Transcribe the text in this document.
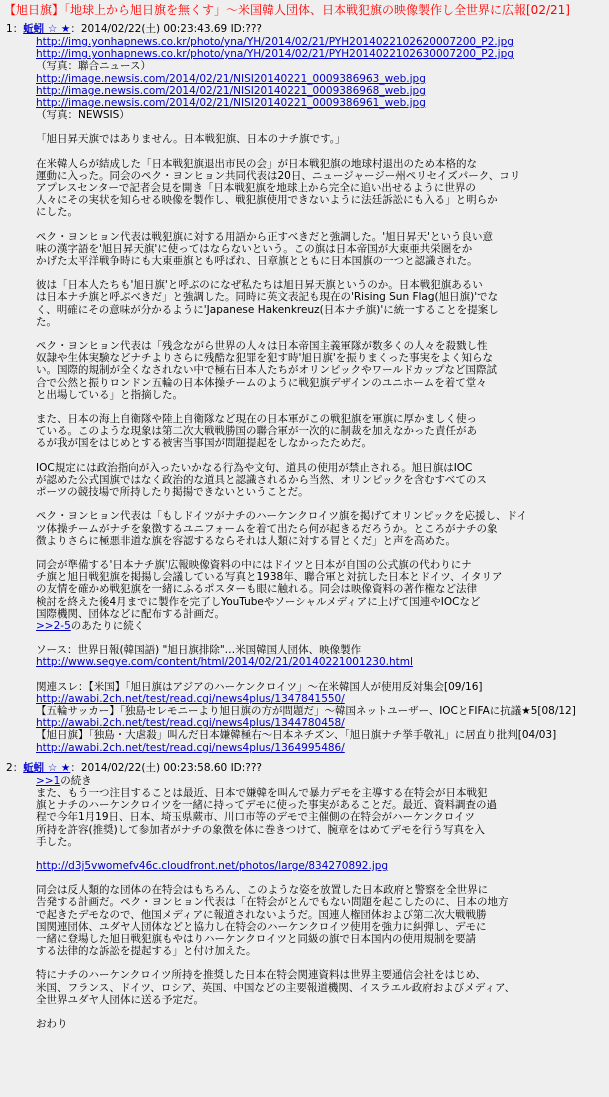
【旭日旗】「地球上から旭日旗を無くす」〜米国韓人団体、日本戦犯旗の映像製作し全世界に広報[02/21]
1：蚯蚓 ☆ ★：2014/02/22(土) 00:23:43.69 ID:???
http://img.yonhapnews.co.kr/photo/yna/YH/2014/02/21/PYH2014022102620007200_P2.jpg
http://img.yonhapnews.co.kr/photo/yna/YH/2014/02/21/PYH2014022102630007200_P2.jpg
（写真：聯合ニュース）
http://image.newsis.com/2014/02/21/NISI20140221_0009386963_web.jpg
http://image.newsis.com/2014/02/21/NISI20140221_0009386968_web.jpg
http://image.newsis.com/2014/02/21/NISI20140221_0009386961_web.jpg
（写真：NEWSIS）
「旭日昇天旗ではありません。日本戦犯旗、日本のナチ旗です。」
在米韓人らが結成した「日本戦犯旗退出市民の会」が日本戦犯旗の地球村退出のため本格的な
運動に入った。同会のペク・ヨンヒョン共同代表は20日、ニュージャージー州ペリセイズパーク、コリ
アプレスセンターで記者会見を開き「日本戦犯旗を地球上から完全に追い出せるように世界の
人々にその実状を知らせる映像を製作し、戦犯旗使用できないように法廷訴訟にも入る」と明らか
にした。
ペク・ヨンヒョン代表は戦犯旗に対する用語から正すべきだと強調した。'旭日昇天'という良い意
味の漢字語を'旭日昇天旗'に使ってはならないという。この旗は日本帝国が大東亜共栄圏をか
かげた太平洋戦争時にも大東亜旗とも呼ばれ、日章旗とともに日本国旗の一つと認識された。
彼は「日本人たちも'旭日旗'と呼ぶのになぜ私たちは旭日昇天旗というのか。日本戦犯旗あるい
は日本ナチ旗と呼ぶべきだ」と強調した。同時に英文表記も現在の'Rising Sun Flag(旭日旗)'でな
く、明確にその意味が分かるように'Japanese Hakenkreuz(日本ナチ旗)'に統一することを提案し
た。
ペク・ヨンヒョン代表は「残念ながら世界の人々は日本帝国主義軍隊が数多くの人々を殺戮し性
奴隷や生体実験などナチよりさらに残酷な犯罪を犯す時'旭日旗'を振りまくった事実をよく知らな
い。国際的規制が全くなされない中で極右日本人たちがオリンピックやワールドカップなど国際試
合で公然と振りロンドン五輪の日本体操チームのように戦犯旗デザインのユニホームを着て堂々
と出場している」と指摘した。
また、日本の海上自衛隊や陸上自衛隊など現在の日本軍がこの戦犯旗を軍旗に厚かましく使っ
ている。このような現象は第二次大戦戦勝国の聯合軍が一次的に制裁を加えなかった責任があ
るが我が国をはじめとする被害当事国が問題提起をしなかったためだ。
IOC規定には政治指向が入ったいかなる行為や文句、道具の使用が禁止される。旭日旗はIOC
が認めた公式国旗ではなく政治的な道具と認識されるから当然、オリンピックを含むすべてのス
ポーツの競技場で所持したり掲揚できないということだ。
ペク・ヨンヒョン代表は「もしドイツがナチのハーケンクロイツ旗を掲げてオリンピックを応援し、ドイ
ツ体操チームがナチを象徴するユニフォームを着て出たら何が起きるだろうか。ところがナチの象
徴よりさらに極悪非道な旗を容認するならそれは人類に対する冒とくだ」と声を高めた。
同会が準備する'日本ナチ旗'広報映像資料の中にはドイツと日本が自国の公式旗の代わりにナ
チ旗と旭日戦犯旗を掲揚し会議している写真と1938年、聯合軍と対抗した日本とドイツ、イタリア
の友情を確かめ戦犯旗を一緒にふるポスターも眼に触れる。同会は映像資料の著作権など法律
検討を終えた後4月までに製作を完了しYouTubeやソーシャルメディアに上げて国連やIOCなど
国際機関、団体などに配布する計画だ。
>>2-5のあたりに続く
ソース：世界日報(韓国語) "旭日旗排除"…米国韓国人団体、映像製作
http://www.segye.com/content/html/2014/02/21/20140221001230.html
関連スレ：【米国】「旭日旗はアジアのハーケンクロイツ」〜在米韓国人が使用反対集会[09/16]
http://awabi.2ch.net/test/read.cgi/news4plus/1347841550/
【五輪サッカー】「独島セレモニーより旭日旗の方が問題だ」〜韓国ネットユーザー、IOCとFIFAに抗議★5[08/12]
http://awabi.2ch.net/test/read.cgi/news4plus/1344780458/
【旭日旗】「独島・大虐殺」叫んだ日本嫌韓極右〜日本ネチズン、「旭日旗ナチ挙手敬礼」に居直り批判[04/03]
http://awabi.2ch.net/test/read.cgi/news4plus/1364995486/
2：蚯蚓 ☆ ★：2014/02/22(土) 00:23:58.60 ID:???
>>1の続き
また、もう一つ注目することは最近、日本で嫌韓を叫んで暴力デモを主導する在特会が日本戦犯
旗とナチのハーケンクロイツを一緒に持ってデモに使った事実があることだ。最近、資料調査の過
程で今年1月19日、日本、埼玉県蕨市、川口市等のデモで主催側の在特会がハーケンクロイツ
所持を許容(推奨)して参加者がナチの象徴を体に巻きつけて、腕章をはめてデモを行う写真を入
手した。
http://d3j5vwomefv46c.cloudfront.net/photos/large/834270892.jpg
同会は反人類的な団体の在特会はもちろん、このような姿を放置した日本政府と警察を全世界に
告発する計画だ。ペク・ヨンヒョン代表は「在特会がとんでもない問題を起こしたのに、日本の地方
で起きたデモなので、他国メディアに報道されないようだ。国連人権団体および第二次大戦戦勝
国関連団体、ユダヤ人団体などと協力し在特会のハーケンクロイツ使用を強力に糾弾し、デモに
一緒に登場した旭日戦犯旗もやはりハーケンクロイツと同級の旗で日本国内の使用規制を要請
する法律的な訴訟を提起する」と付け加えた。
特にナチのハーケンクロイツ所持を推奨した日本在特会関連資料は世界主要通信会社をはじめ、
米国、フランス、ドイツ、ロシア、英国、中国などの主要報道機関、イスラエル政府およびメディア、
全世界ユダヤ人団体に送る予定だ。
おわり
